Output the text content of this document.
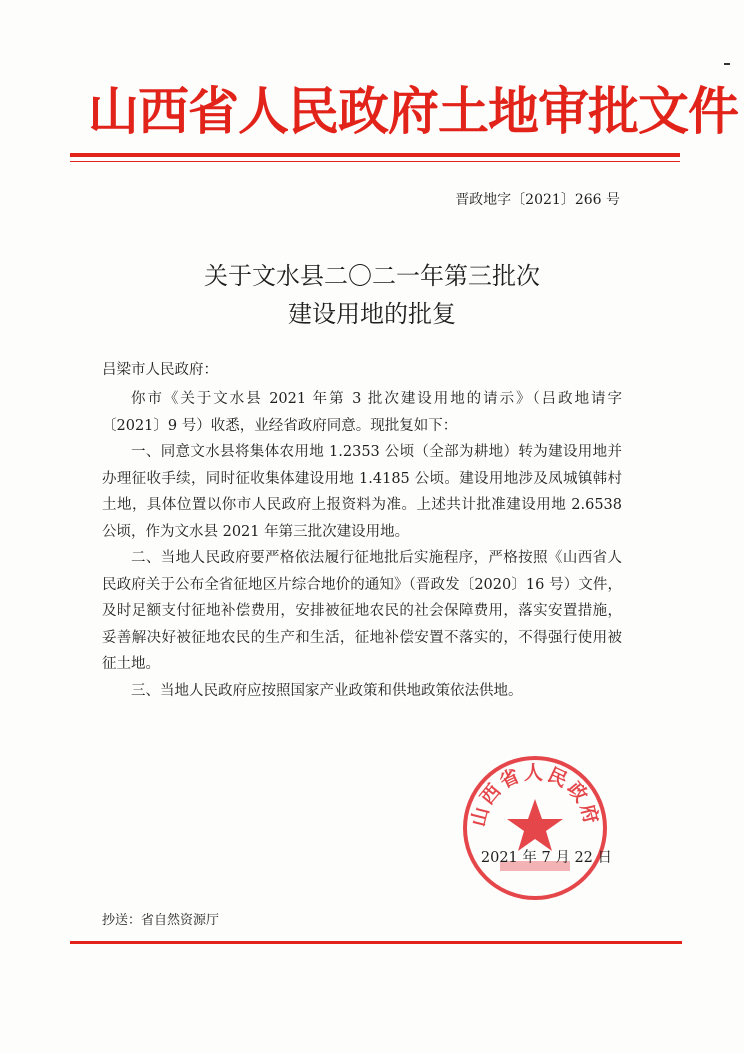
山西省人民政府土地审批文件
晋政地字〔2021〕266 号
关于文水县二〇二一年第三批次
建设用地的批复
吕梁市人民政府：

你市《关于文水县 2021 年第 3 批次建设用地的请示》（吕政地请字〔2021〕9 号）收悉，业经省政府同意。现批复如下：

一、同意文水县将集体农用地 1.2353 公顷（全部为耕地）转为建设用地并办理征收手续，同时征收集体建设用地 1.4185 公顷。建设用地涉及凤城镇韩村土地，具体位置以你市人民政府上报资料为准。上述共计批准建设用地 2.6538 公顷，作为文水县 2021 年第三批次建设用地。

二、当地人民政府要严格依法履行征地批后实施程序，严格按照《山西省人民政府关于公布全省征地区片综合地价的通知》（晋政发〔2020〕16 号）文件，及时足额支付征地补偿费用，安排被征地农民的社会保障费用，落实安置措施，妥善解决好被征地农民的生产和生活，征地补偿安置不落实的，不得强行使用被征土地。

三、当地人民政府应按照国家产业政策和供地政策依法供地。

山西省人民政府
2021 年 7 月 22 日
抄送：省自然资源厅
